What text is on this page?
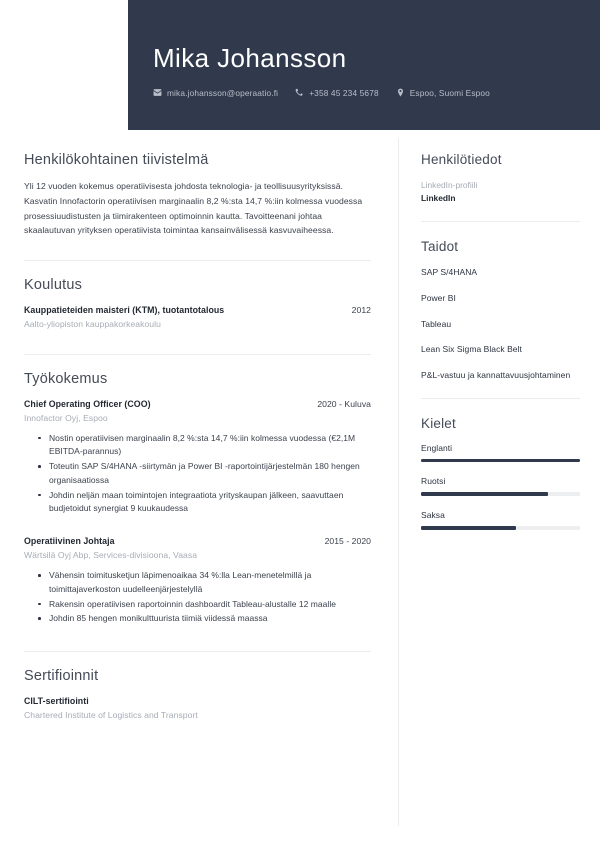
Mika Johansson
mika.johansson@operaatio.fi	+358 45 234 5678	Espoo, Suomi Espoo
Henkilökohtainen tiivistelmä
Yli 12 vuoden kokemus operatiivisesta johdosta teknologia- ja teollisuusyrityksissä. Kasvatin Innofactorin operatiivisen marginaalin 8,2 %:sta 14,7 %:iin kolmessa vuodessa prosessiuudistusten ja tiimirakenteen optimoinnin kautta. Tavoitteenani johtaa skaalautuvan yrityksen operatiivista toimintaa kansainvälisessä kasvuvaiheessa.
Koulutus
Kauppatieteiden maisteri (KTM), tuotantotalous	2012
Aalto-yliopiston kauppakorkeakoulu
Työkokemus
Chief Operating Officer (COO)	2020 - Kuluva
Innofactor Oyj, Espoo
Nostin operatiivisen marginaalin 8,2 %:sta 14,7 %:iin kolmessa vuodessa (€2,1M EBITDA-parannus)
Toteutin SAP S/4HANA -siirtymän ja Power BI -raportointijärjestelmän 180 hengen organisaatiossa
Johdin neljän maan toimintojen integraatiota yrityskaupan jälkeen, saavuttaen budjetoidut synergiat 9 kuukaudessa
Operatiivinen Johtaja	2015 - 2020
Wärtsilä Oyj Abp, Services-divisioona, Vaasa
Vähensin toimitusketjun läpimenoaikaa 34 %:lla Lean-menetelmillä ja toimittajaverkoston uudelleenjärjestelyllä
Rakensin operatiivisen raportoinnin dashboardit Tableau-alustalle 12 maalle
Johdin 85 hengen monikulttuurista tiimiä viidessä maassa
Sertifioinnit
CILT-sertifiointi
Chartered Institute of Logistics and Transport
Henkilötiedot
LinkedIn-profiili
LinkedIn
Taidot
SAP S/4HANA
Power BI
Tableau
Lean Six Sigma Black Belt
P&L-vastuu ja kannattavuusjohtaminen
Kielet
Englanti
Ruotsi
Saksa
